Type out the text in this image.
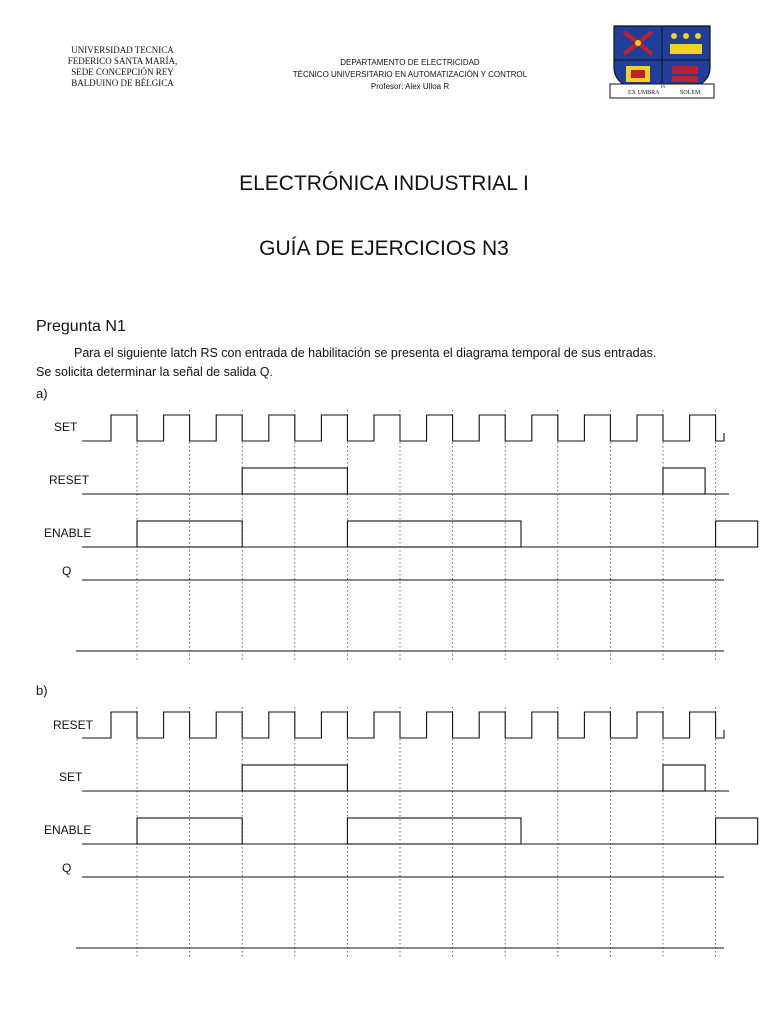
UNIVERSIDAD TECNICA
FEDERICO SANTA MARÍA,
SEDE CONCEPCIÓN REY
BALDUINO DE BÉLGICA
DEPARTAMENTO DE ELECTRICIDAD
TÉCNICO UNIVERSITARIO EN AUTOMATIZACIÓN Y CONTROL
Profesor: Alex Ulloa R
EX UMBRA
IN
SOLEM
ELECTRÓNICA INDUSTRIAL I
GUÍA DE EJERCICIOS N3
Pregunta N1
Para el siguiente latch RS con entrada de habilitación se presenta el diagrama temporal de sus entradas.
Se solicita determinar la señal de salida Q.
a)
SET
RESET
ENABLE
Q
b)
RESET
SET
ENABLE
Q
